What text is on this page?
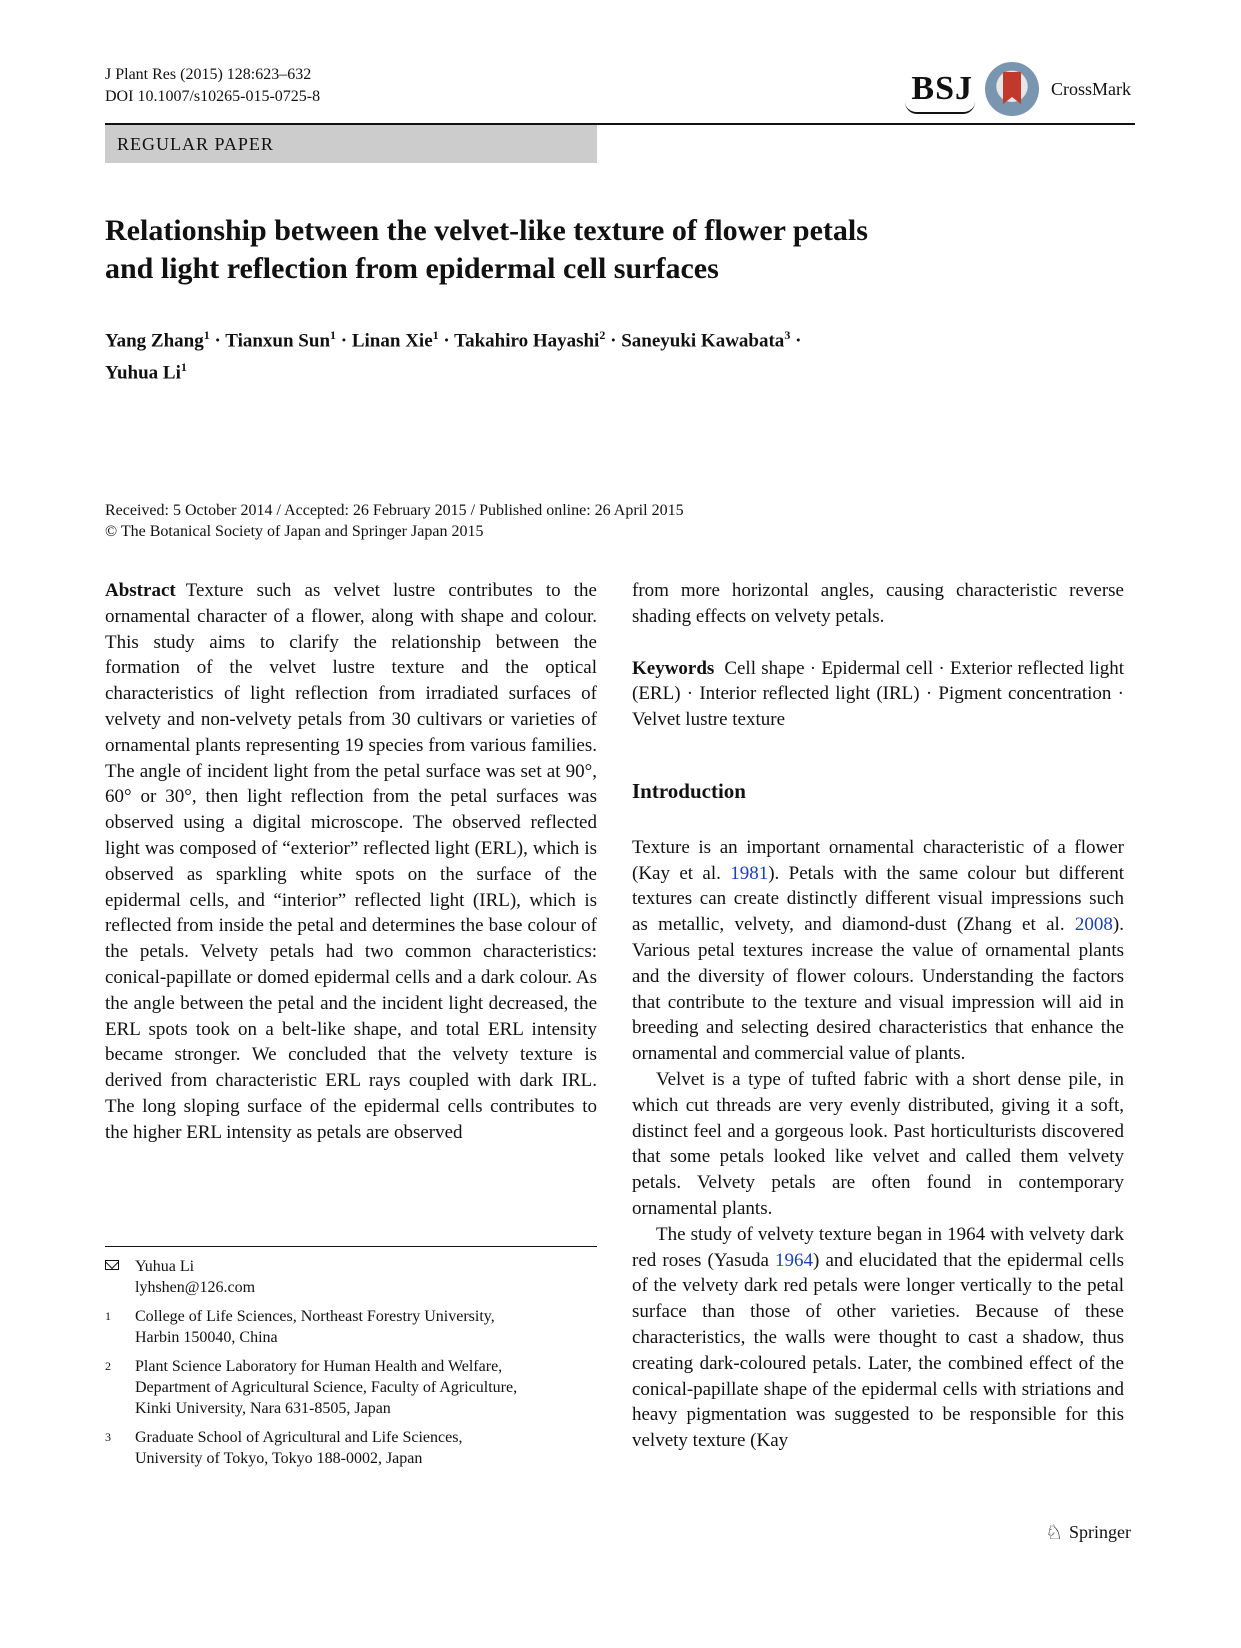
J Plant Res (2015) 128:623–632
DOI 10.1007/s10265-015-0725-8	BSJ	CrossMark
REGULAR PAPER
Relationship between the velvet-like texture of flower petals
and light reflection from epidermal cell surfaces
Yang Zhang$^1$ · Tianxun Sun$^1$ · Linan Xie$^1$ · Takahiro Hayashi$^2$ · Saneyuki Kawabata$^3$ ·
Yuhua Li$^1$
Received: 5 October 2014 / Accepted: 26 February 2015 / Published online: 26 April 2015
© The Botanical Society of Japan and Springer Japan 2015

Abstract Texture such as velvet lustre contributes to the ornamental character of a flower, along with shape and colour. This study aims to clarify the relationship between the formation of the velvet lustre texture and the optical characteristics of light reflection from irradiated surfaces of velvety and non-velvety petals from 30 cultivars or varieties of ornamental plants representing 19 species from various families. The angle of incident light from the petal surface was set at 90°, 60° or 30°, then light reflection from the petal surfaces was observed using a digital microscope. The observed reflected light was composed of “exterior” reflected light (ERL), which is observed as sparkling white spots on the surface of the epidermal cells, and “interior” reflected light (IRL), which is reflected from inside the petal and determines the base colour of the petals. Velvety petals had two common characteristics: conical-papillate or domed epidermal cells and a dark colour. As the angle between the petal and the incident light decreased, the ERL spots took on a belt-like shape, and total ERL intensity became stronger. We concluded that the velvety texture is derived from characteristic ERL rays coupled with dark IRL. The long sloping surface of the epidermal cells contributes to the higher ERL intensity as petals are observed

from more horizontal angles, causing characteristic reverse shading effects on velvety petals.

Keywords Cell shape · Epidermal cell · Exterior reflected light (ERL) · Interior reflected light (IRL) · Pigment concentration · Velvet lustre texture

Introduction

Texture is an important ornamental characteristic of a flower (Kay et al. 1981). Petals with the same colour but different textures can create distinctly different visual impressions such as metallic, velvety, and diamond-dust (Zhang et al. 2008). Various petal textures increase the value of ornamental plants and the diversity of flower colours. Understanding the factors that contribute to the texture and visual impression will aid in breeding and selecting desired characteristics that enhance the ornamental and commercial value of plants.

Velvet is a type of tufted fabric with a short dense pile, in which cut threads are very evenly distributed, giving it a soft, distinct feel and a gorgeous look. Past horticulturists discovered that some petals looked like velvet and called them velvety petals. Velvety petals are often found in contemporary ornamental plants.

The study of velvety texture began in 1964 with velvety dark red roses (Yasuda 1964) and elucidated that the epidermal cells of the velvety dark red petals were longer vertically to the petal surface than those of other varieties. Because of these characteristics, the walls were thought to cast a shadow, thus creating dark-coloured petals. Later, the combined effect of the conical-papillate shape of the epidermal cells with striations and heavy pigmentation was suggested to be responsible for this velvety texture (Kay

Yuhua Li
lyhshen@126.com
1 College of Life Sciences, Northeast Forestry University,
Harbin 150040, China
2 Plant Science Laboratory for Human Health and Welfare,
Department of Agricultural Science, Faculty of Agriculture,
Kinki University, Nara 631-8505, Japan
3 Graduate School of Agricultural and Life Sciences,
University of Tokyo, Tokyo 188-0002, Japan
♘ Springer
